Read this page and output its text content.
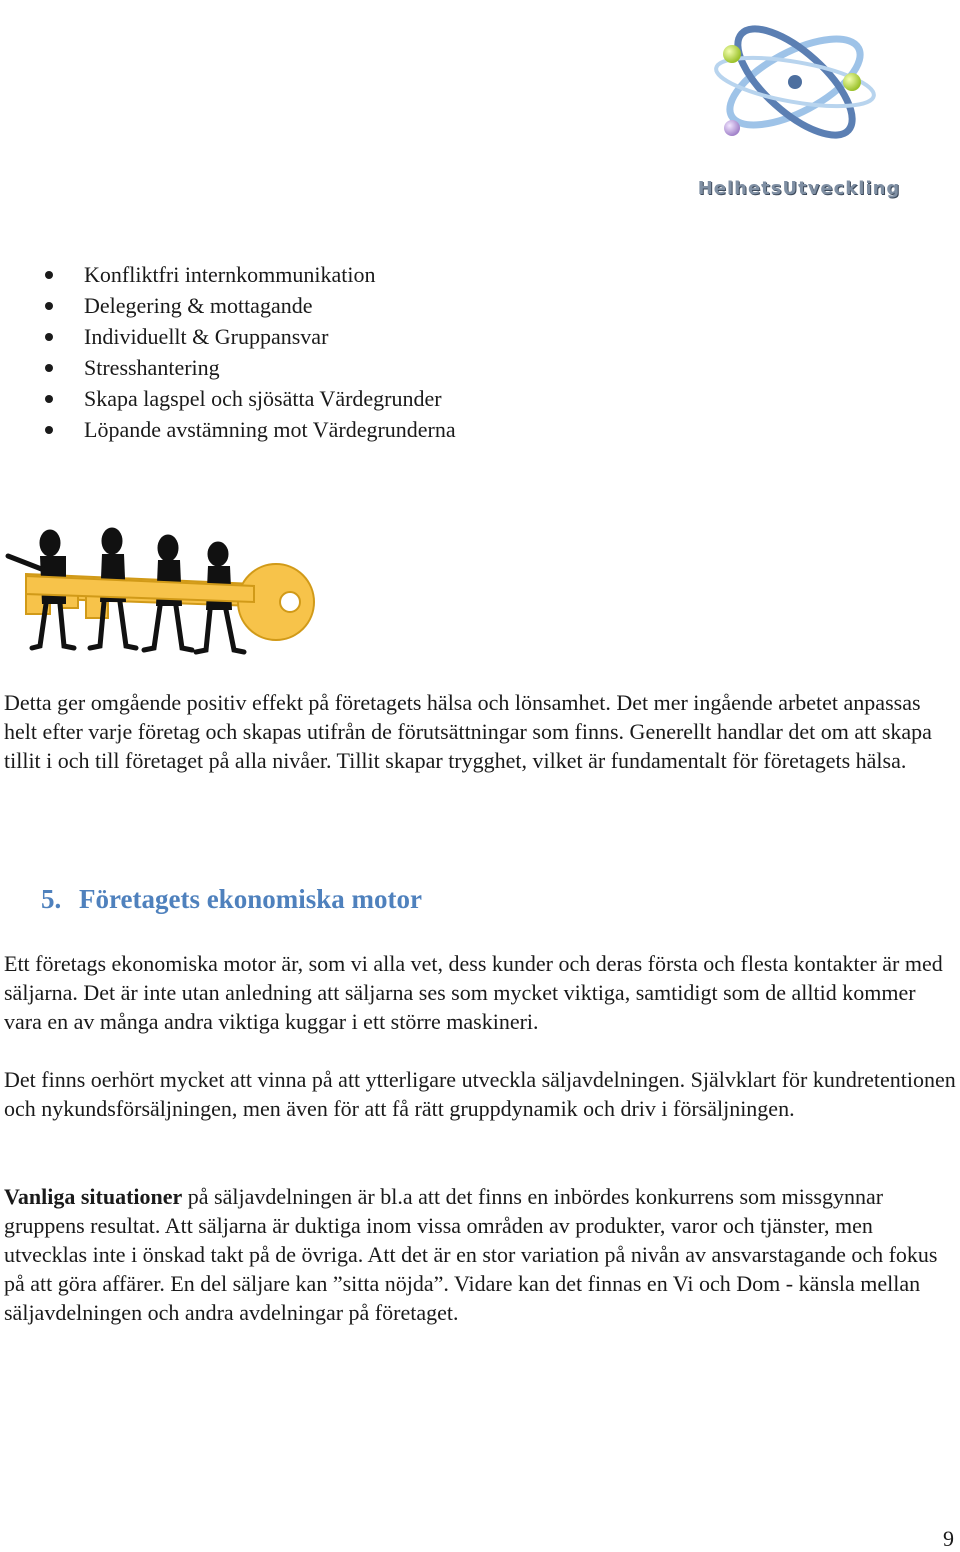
HelhetsUtveckling
Konfliktfri internkommunikation
Delegering & mottagande
Individuellt & Gruppansvar
Stresshantering
Skapa lagspel och sjösätta Värdegrunder
Löpande avstämning mot Värdegrunderna

Detta ger omgående positiv effekt på företagets hälsa och lönsamhet. Det mer ingående arbetet anpassas helt efter varje företag och skapas utifrån de förutsättningar som finns. Generellt handlar det om att skapa tillit i och till företaget på alla nivåer. Tillit skapar trygghet, vilket är fundamentalt för företagets hälsa.

5. Företagets ekonomiska motor

Ett företags ekonomiska motor är, som vi alla vet, dess kunder och deras första och flesta kontakter är med säljarna. Det är inte utan anledning att säljarna ses som mycket viktiga, samtidigt som de alltid kommer vara en av många andra viktiga kuggar i ett större maskineri.

Det finns oerhört mycket att vinna på att ytterligare utveckla säljavdelningen. Självklart för kundretentionen och nykundsförsäljningen, men även för att få rätt gruppdynamik och driv i försäljningen.

Vanliga situationer på säljavdelningen är bl.a att det finns en inbördes konkurrens som missgynnar gruppens resultat. Att säljarna är duktiga inom vissa områden av produkter, varor och tjänster, men utvecklas inte i önskad takt på de övriga. Att det är en stor variation på nivån av ansvarstagande och fokus på att göra affärer. En del säljare kan ”sitta nöjda”. Vidare kan det finnas en Vi och Dom - känsla mellan säljavdelningen och andra avdelningar på företaget.

9
